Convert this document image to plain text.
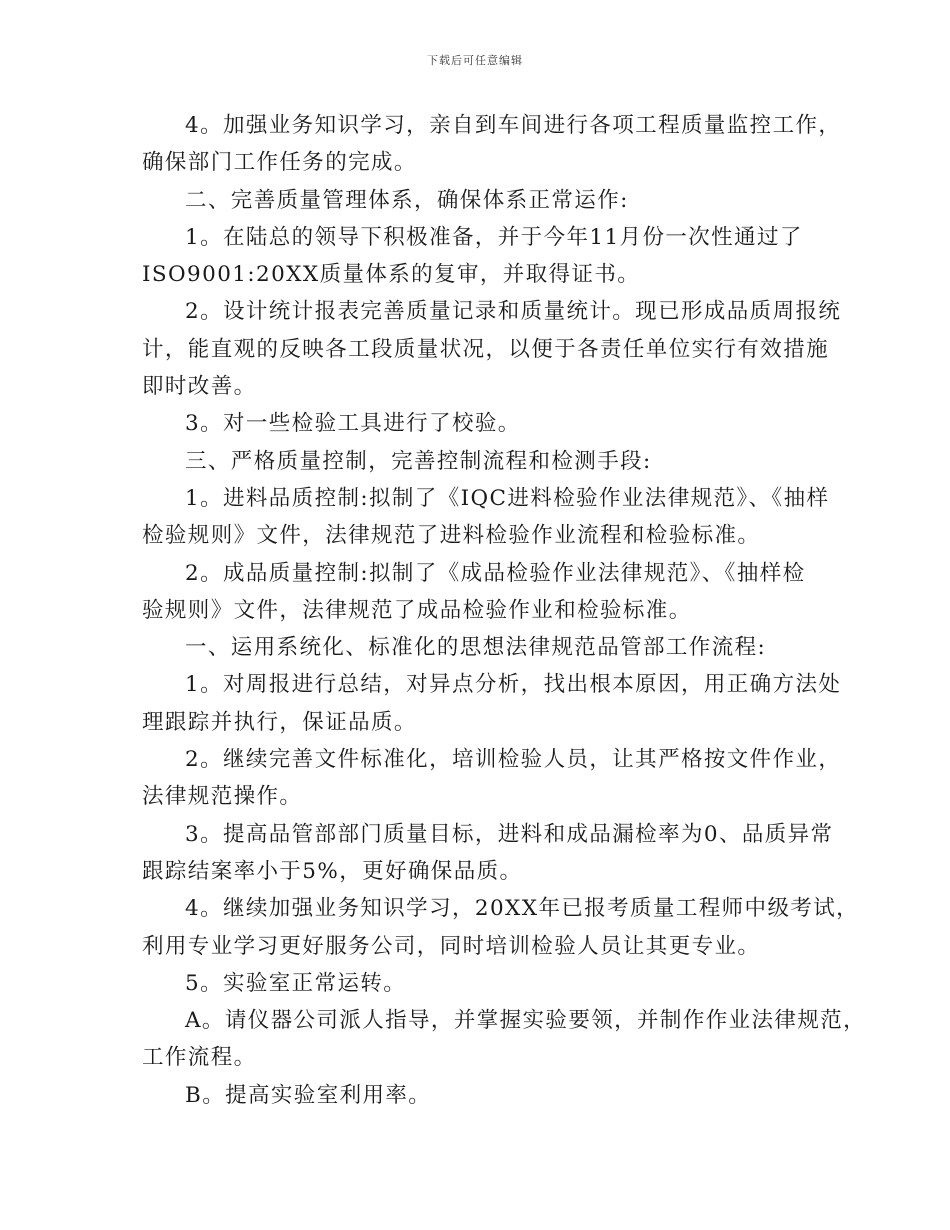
下载后可任意编辑

4。加强业务知识学习，亲自到车间进行各项工程质量监控工作，

确保部门工作任务的完成。

二、完善质量管理体系，确保体系正常运作:

1。在陆总的领导下积极准备，并于今年11月份一次性通过了

ISO9001:20XX质量体系的复审，并取得证书。

2。设计统计报表完善质量记录和质量统计。现已形成品质周报统

计，能直观的反映各工段质量状况，以便于各责任单位实行有效措施

即时改善。

3。对一些检验工具进行了校验。

三、严格质量控制，完善控制流程和检测手段:

1。进料品质控制:拟制了《IQC进料检验作业法律规范》、《抽样

检验规则》文件，法律规范了进料检验作业流程和检验标准。

2。成品质量控制:拟制了《成品检验作业法律规范》、《抽样检

验规则》文件，法律规范了成品检验作业和检验标准。

一、运用系统化、标准化的思想法律规范品管部工作流程:

1。对周报进行总结，对异点分析，找出根本原因，用正确方法处

理跟踪并执行，保证品质。

2。继续完善文件标准化，培训检验人员，让其严格按文件作业，

法律规范操作。

3。提高品管部部门质量目标，进料和成品漏检率为0、品质异常

跟踪结案率小于5%，更好确保品质。

4。继续加强业务知识学习，20XX年已报考质量工程师中级考试，

利用专业学习更好服务公司，同时培训检验人员让其更专业。

5。实验室正常运转。

A。请仪器公司派人指导，并掌握实验要领，并制作作业法律规范，

工作流程。

B。提高实验室利用率。
